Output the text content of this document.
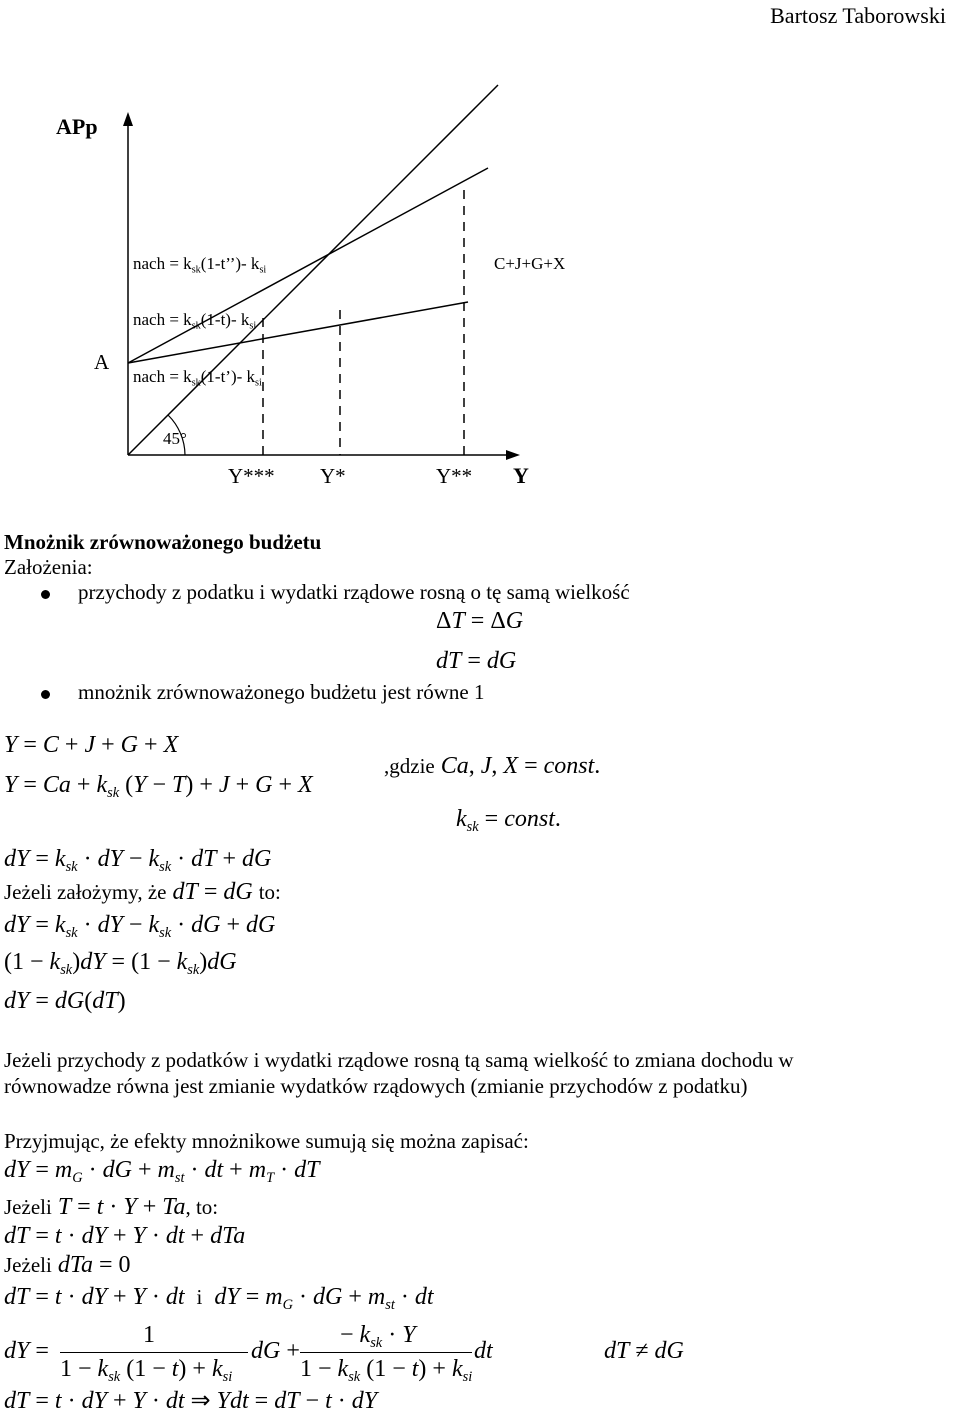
Bartosz Taborowski
APp
A
nach = $k_{sk}(1-t’’)-$ $k_{si}$
nach = $k_{sk}(1-t)-$ $k_{si}$
nach = $k_{sk}(1-t’)-$ $k_{si}$
C+J+G+X
45°
Y*** Y*	Y** Y
Mnożnik zrównoważonego budżetu
Założenia:
przychody z podatku i wydatki rządowe rosną o tę samą wielkość
ΔT = ΔG
dT = dG
mnożnik zrównoważonego budżetu jest równe 1
Y = C + J + G + X
$Y = Ca + k_{sk}$ (Y − T) + J + G + X
,gdzie Ca, J, X = const.
$k_{sk}$ = const.
dY = $k_{sk}$ · dY − $k_{sk}$ · dT + dG
Jeżeli założymy, że dT = dG to:
dY = $k_{sk}$ · dY − $k_{sk}$ · dG + dG
$(1 - k_{sk})dY = (1 - k_{sk})dG$
dY = dG(dT)
Jeżeli przychody z podatków i wydatki rządowe rosną tą samą wielkość to zmiana dochodu w
równowadze równa jest zmianie wydatków rządowych (zmianie przychodów z podatku)
Przyjmując, że efekty mnożnikowe sumują się można zapisać:
dY = $m_G$ · dG + $m_{st}$ · dt + $m_T$ · dT
Jeżeli T = t · Y + Ta, to:
dT = t · dY + Y · dt + dTa
Jeżeli dTa = 0
dT = t · dY + Y · dt i dY = $m_G$ · dG + $m_{st}$ · dt
dY =
1
$1 - k_{sk}$ $(1 - t) + k_{si}$
dG +
− $k_{sk} \cdot Y$
$1 - k_{sk}$ $(1 - t) + k_{si}$
dt	dT ≠ dG
dT = t · dY + Y · dt ⇒ Ydt = dT − t · dY
